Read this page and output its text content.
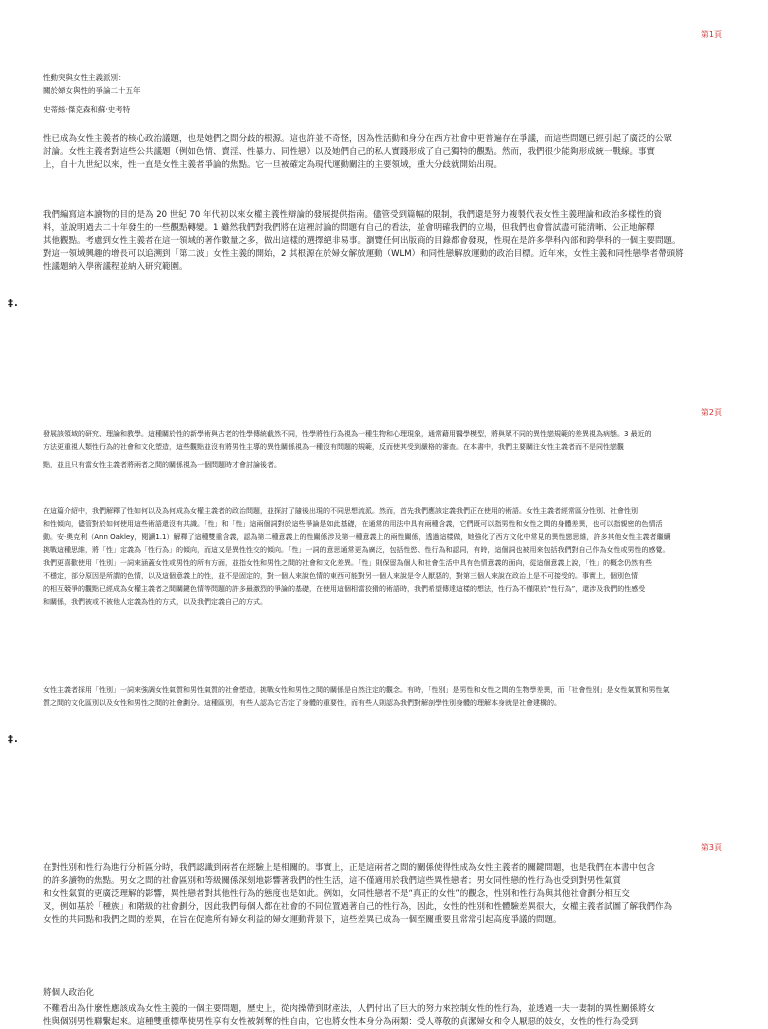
第1頁

性動突與女性主義派別：

關於婦女與性的爭論二十五年

史蒂絲·傑克森和蘇·史考特

性已成為女性主義者的核心政治議題，也是她們之間分歧的根源。這也許並不奇怪，因為性活動和身分在西方社會中更普遍存在爭議，而這些問題已經引起了廣泛的公眾

討論。女性主義者對這些公共議題（例如色情、賣淫、性暴力、同性戀）以及她們自己的私人實踐形成了自己獨特的觀點。然而，我們很少能夠形成統一戰線。事實

上，自十九世紀以來，性一直是女性主義者爭論的焦點。它一旦被確定為現代運動關注的主要領域，重大分歧就開始出現。

我們編寫這本讀物的目的是為 20 世紀 70 年代初以來女權主義性辯論的發展提供指南。儘管受到篇幅的限制，我們還是努力複製代表女性主義理論和政治多樣性的資

料，並說明過去二十年發生的一些觀點轉變。1 雖然我們對我們將在這裡討論的問題有自己的看法，並會明確我們的立場，但我們也會嘗試盡可能清晰、公正地解釋

其他觀點。考慮到女性主義者在這一領域的著作數量之多，做出這樣的選擇絕非易事。瀏覽任何出版商的目錄都會發現，性現在是許多學科內部和跨學科的一個主要問題。

對這一領域興趣的增長可以追溯到「第二波」女性主義的開始，2 其根源在於婦女解放運動（WLM）和同性戀解放運動的政治目標。近年來，女性主義和同性戀學者帶頭將

性議題納入學術議程並納入研究範圍。

‡.
第2頁

發展該領域的研究、理論和教學。這種關於性的新學術與古老的性學傳統截然不同，性學將性行為視為一種生物和心理現象，通常藉用醫學模型，將與眾不同的異性戀規範的差異視為病態。3 最近的

方法更重視人類性行為的社會和文化塑造，這些觀點並沒有將男性主導的異性關係視為一種沒有問題的規範，反而使其受到嚴格的審查。在本書中，我們主要關注女性主義者而不是同性戀觀

點，並且只有當女性主義者將兩者之間的關係視為一個問題時才會討論後者。

在這篇介紹中，我們解釋了性如何以及為何成為女權主義者的政治問題，並探討了隨後出現的不同思想流派。然而，首先我們應該定義我們正在使用的術語。女性主義者經常區分性別、社會性別

和性傾向，儘管對於如何使用這些術語還沒有共識。「性」和「性」這兩個詞對於這些爭論是如此基礎，在通常的用法中具有兩種含義，它們既可以指男性和女性之間的身體差異，也可以指親密的色情活

動。安·奧克利（Ann Oakley，閱讀1.1）解釋了這種雙重含義，認為第二種意義上的性關係涉及第一種意義上的兩性關係，透過這樣做，她強化了西方文化中常見的異性戀思維，許多其他女性主義者繼續

挑戰這種思維，將「性」定義為「性行為」的傾向，而這又是異性性交的傾向。「性」一詞的意思通常更為廣泛，包括性慾、性行為和認同，有時，這個詞也被用來包括我們對自己作為女性或男性的感覺。

我們更喜歡使用「性別」一詞來涵蓋女性或男性的所有方面，並指女性和男性之間的社會和文化差異。「性」則保留為個人和社會生活中具有色情意義的面向，從這個意義上說，「性」的概念仍然有些

不穩定，部分原因是所謂的色情，以及這個意義上的性，並不是固定的，對一個人來說色情的東西可能對另一個人來說是令人厭惡的，對第三個人來說在政治上是不可接受的。事實上，個別色情

的相互競爭的觀點已經成為女權主義者之間關鍵色情等問題的許多最激烈的爭論的基礎，在使用這個相當狡猾的術語時，我們希望傳達這樣的想法，性行為不僅限於“性行為”，還涉及我們的性感受

和關係，我們被或不被他人定義為性的方式，以及我們定義自己的方式。

女性主義者採用「性別」一詞來強調女性氣質和男性氣質的社會塑造，挑戰女性和男性之間的關係是自然注定的觀念。有時，「性別」是男性和女性之間的生物學差異，而「社會性別」是女性氣質和男性氣

質之間的文化區別以及女性和男性之間的社會劃分。這種區別，有些人認為它否定了身體的重要性，而有些人則認為我們對解剖學性別身體的理解本身就是社會建構的。

‡.
第3頁

在對性別和性行為進行分析區分時，我們認識到兩者在經驗上是相關的。事實上，正是這兩者之間的關係使得性成為女性主義者的關鍵問題，也是我們在本書中包含

的許多讀物的焦點。男女之間的社會區別和等級關係深刻地影響著我們的性生活，這不僅適用於我們這些異性戀者；男女同性戀的性行為也受到對男性氣質

和女性氣質的更廣泛理解的影響，異性戀者對其他性行為的態度也是如此。例如，女同性戀者不是“真正的女性”的觀念，性別和性行為與其他社會劃分相互交

叉，例如基於「種族」和階級的社會劃分，因此我們每個人都在社會的不同位置過著自己的性行為，因此，女性的性別和性體驗差異很大，女權主義者試圖了解我們作為

女性的共同點和我們之間的差異，在旨在促進所有婦女利益的婦女運動背景下，這些差異已成為一個至關重要且常常引起高度爭議的問題。

將個人政治化

不難看出為什麼性應該成為女性主義的一個主要問題，歷史上，從肉操帶到財產法，人們付出了巨大的努力來控制女性的性行為，並透過一夫一妻制的異性關係將女

性與個別男性聯繫起來。這種雙重標準使男性享有女性被剝奪的性自由，它也將女性本身分為兩類：受人尊敬的貞潔婦女和令人厭惡的妓女，女性的性行為受到
